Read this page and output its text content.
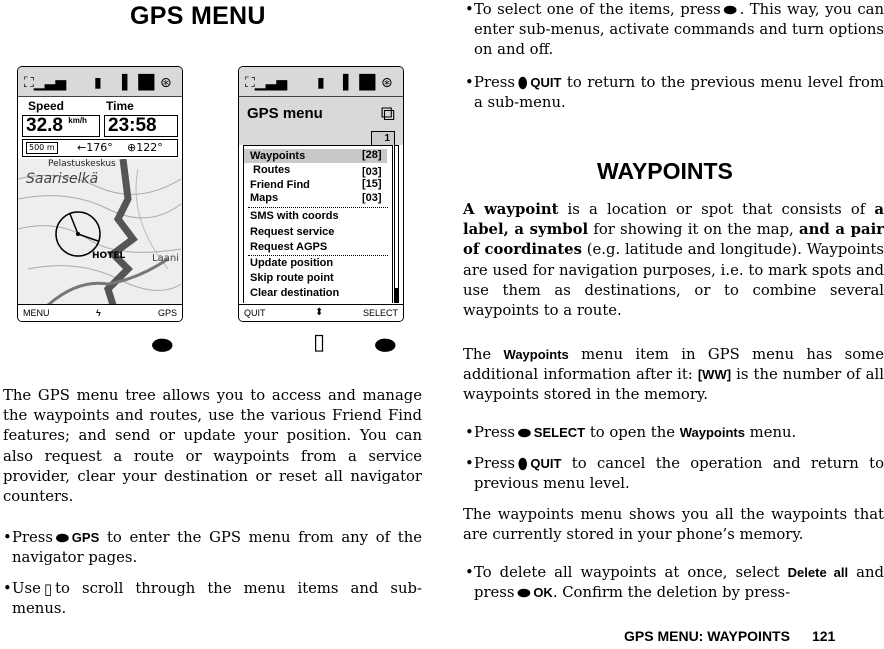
GPS MENU
⛶▁▃▅ ▮ ▌▐█ ⊛
Speed	Time
32.8 $^{km/h}$	23:58
500 m ←176° ⊕122°
Pelastuskeskus
Saariselkä
HOTEL	Laani
MENU	ϟ	GPS
⛶▁▃▅ ▮ ▌▐█ ⊛
GPS menu	⧉
1
Waypoints	[28]
Routes	[03]
Friend Find	[15]
Maps	[03]
SMS with coords
Request service
Request AGPS
Update position
Skip route point
Clear destination
QUIT	⬍	SELECT
⬬	▯ ⬬
The GPS menu tree allows you to access and manage the waypoints and routes, use the various Friend Find features; and send or update your position. You can also request a route or waypoints from a service provider, clear your destination or reset all navigator counters.
• Press ⬬ GPS to enter the GPS menu from any of the navigator pages.
• Use ▯ to scroll through the menu items and sub-menus.
• To select one of the items, press ⬬ . This way, you can enter sub-menus, activate commands and turn options on and off.
• Press ⬮ QUIT to return to the previous menu level from a sub-menu.
WAYPOINTS
A waypoint is a location or spot that consists of a label, a symbol for showing it on the map, and a pair of coordinates (e.g. latitude and longitude). Waypoints are used for navigation purposes, i.e. to mark spots and use them as destinations, or to combine several waypoints to a route.
The Waypoints menu item in GPS menu has some additional information after it: [WW] is the number of all waypoints stored in the memory.
• Press ⬬ SELECT to open the Waypoints menu.
• Press ⬮ QUIT to cancel the operation and return to previous menu level.
The waypoints menu shows you all the waypoints that are currently stored in your phone’s memory.
• To delete all waypoints at once, select Delete all and press ⬬ OK. Confirm the deletion by press-
GPS MENU: WAYPOINTS 121
